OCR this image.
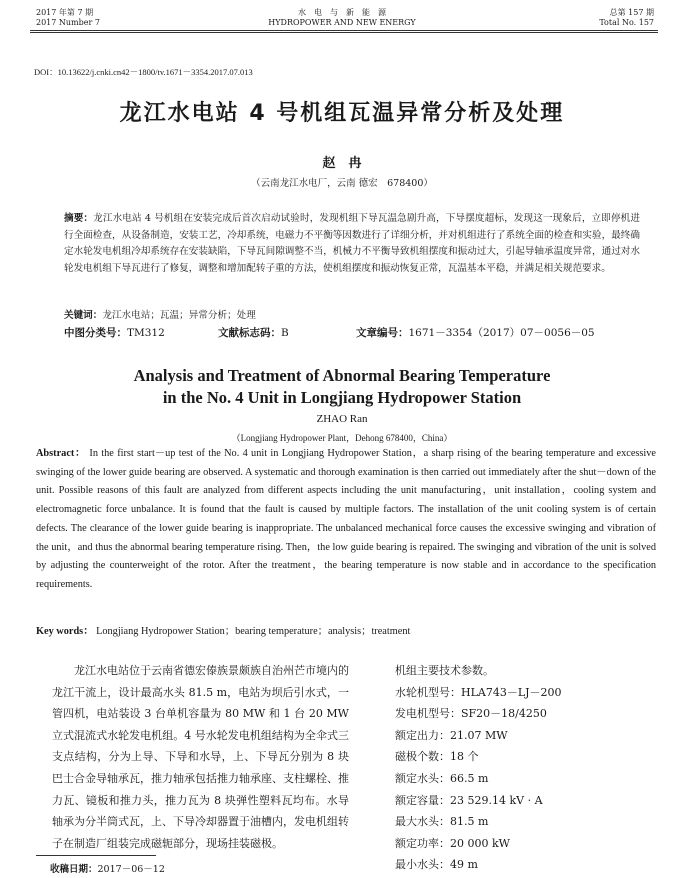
2017 年第 7 期
2017 Number 7
水　电　与　新　能　源
HYDROPOWER AND NEW ENERGY
总第 157 期
Total No. 157
DOI：10.13622/j.cnki.cn42－1800/tv.1671－3354.2017.07.013
龙江水电站 4 号机组瓦温异常分析及处理
赵　冉
（云南龙江水电厂，云南 德宏　678400）
摘要：龙江水电站 4 号机组在安装完成后首次启动试验时，发现机组下导瓦温急剧升高，下导摆度超标，发现这一现象后，立即停机进行全面检查，从设备制造，安装工艺，冷却系统，电磁力不平衡等因数进行了详细分析，并对机组进行了系统全面的检查和实验，最终确定水轮发电机组冷却系统存在安装缺陷，下导瓦间隙调整不当，机械力不平衡导致机组摆度和振动过大，引起导轴承温度异常，通过对水轮发电机组下导瓦进行了修复，调整和增加配转子重的方法，使机组摆度和振动恢复正常，瓦温基本平稳，并满足相关规范要求。
关键词：龙江水电站；瓦温；异常分析；处理
中图分类号：TM312	文献标志码：B	文章编号：1671－3354（2017）07－0056－05
Analysis and Treatment of Abnormal Bearing Temperature
in the No. 4 Unit in Longjiang Hydropower Station
ZHAO Ran
（Longjiang Hydropower Plant，Dehong 678400，China）
Abstract： In the first start－up test of the No. 4 unit in Longjiang Hydropower Station，a sharp rising of the bearing temperature and excessive swinging of the lower guide bearing are observed. A systematic and thorough examination is then carried out immediately after the shut－down of the unit. Possible reasons of this fault are analyzed from different aspects including the unit manufacturing，unit installation，cooling system and electromagnetic force unbalance. It is found that the fault is caused by multiple factors. The installation of the unit cooling system is of certain defects. The clearance of the lower guide bearing is inappropriate. The unbalanced mechanical force causes the excessive swinging and vibration of the unit，and thus the abnormal bearing temperature rising. Then，the low guide bearing is repaired. The swinging and vibration of the unit is solved by adjusting the counterweight of the rotor. After the treatment，the bearing temperature is now stable and in accordance to the specification requirements.
Key words： Longjiang Hydropower Station；bearing temperature；analysis；treatment
龙江水电站位于云南省德宏傣族景颇族自治州芒市境内的龙江干流上，设计最高水头 81.5 m，电站为坝后引水式，一管四机，电站装设 3 台单机容量为 80 MW 和 1 台 20 MW 立式混流式水轮发电机组。4 号水轮发电机组结构为全伞式三支点结构，分为上导、下导和水导，上、下导瓦分别为 8 块巴士合金导轴承瓦，推力轴承包括推力轴承座、支柱螺栓、推力瓦、镜板和推力头，推力瓦为 8 块弹性塑料瓦均布。水导轴承为分半筒式瓦，上、下导冷却器置于油槽内，发电机组转子在制造厂组装完成磁轭部分，现场挂装磁极。
机组主要技术参数。
水轮机型号：HLA743－LJ－200
发电机型号：SF20－18/4250
额定出力：21.07 MW
磁极个数：18 个
额定水头：66.5 m
额定容量：23 529.14 kV · A
最大水头：81.5 m
额定功率：20 000 kW
最小水头：49 m
收稿日期：2017－06－12
